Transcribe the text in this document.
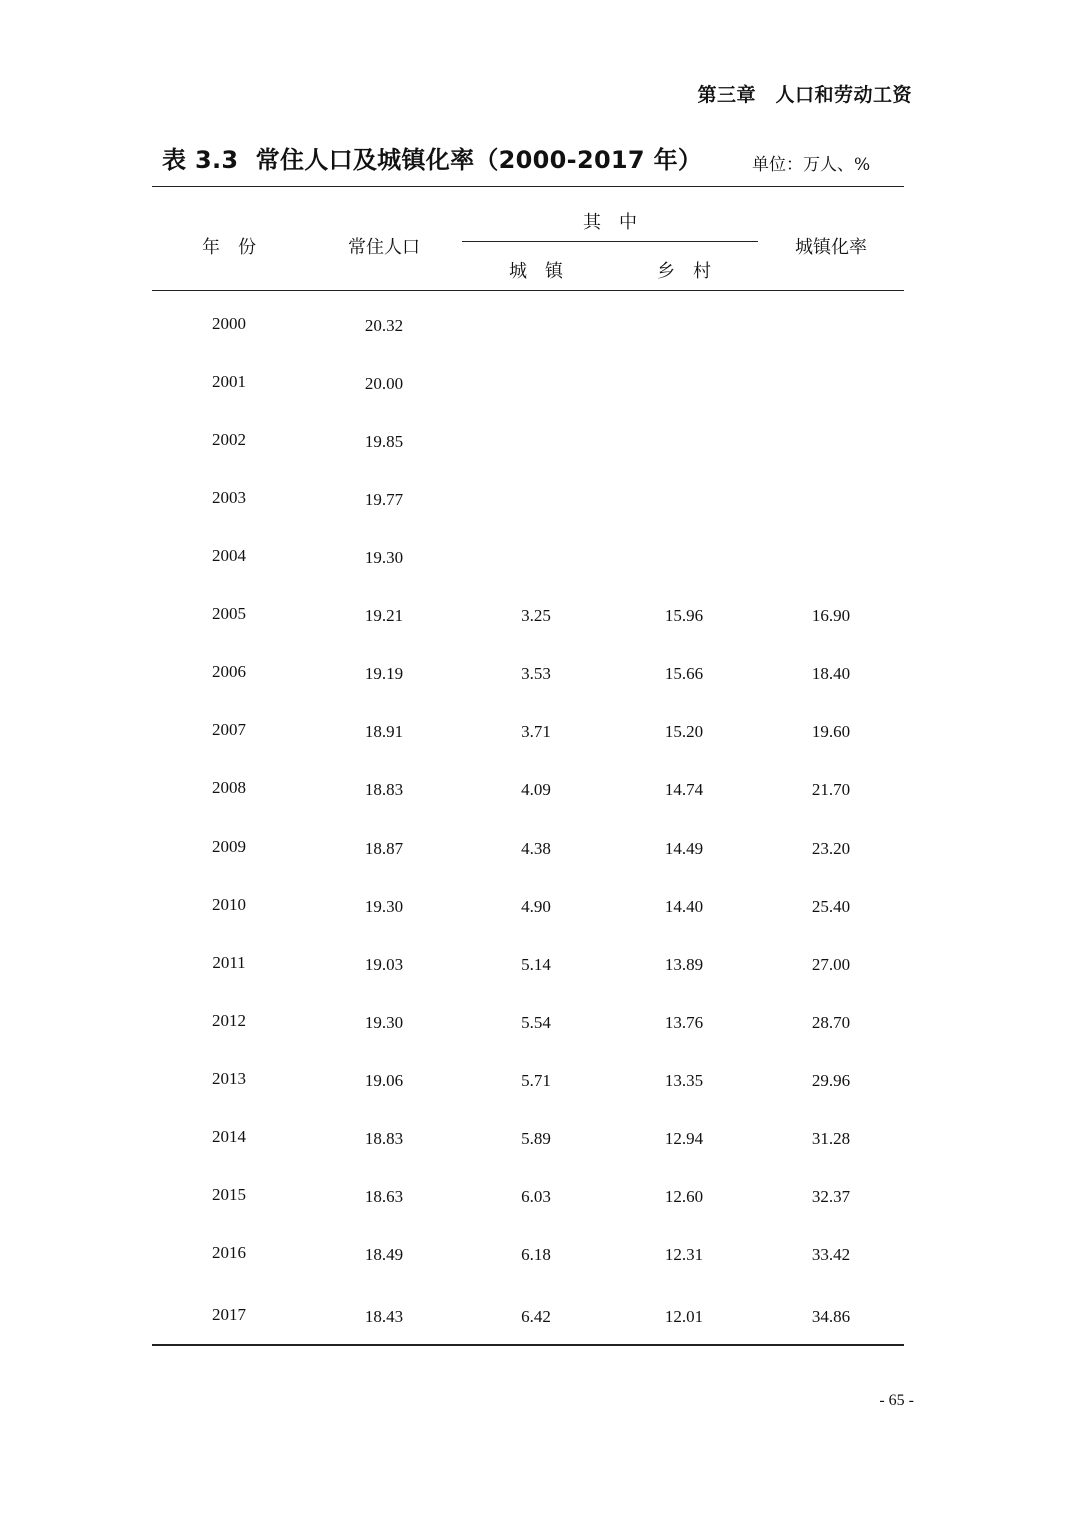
第三章　人口和劳动工资
表 3.3  常住人口及城镇化率（2000-2017 年）	单位：万人、%
年　份	常住人口
其　中
城　镇	乡　村
城镇化率
2000	20.32
2001	20.00
2002	19.85
2003	19.77
2004	19.30
2005	19.21	3.25	15.96	16.90
2006	19.19	3.53	15.66	18.40
2007	18.91	3.71	15.20	19.60
2008	18.83	4.09	14.74	21.70
2009	18.87	4.38	14.49	23.20
2010	19.30	4.90	14.40	25.40
2011	19.03	5.14	13.89	27.00
2012	19.30	5.54	13.76	28.70
2013	19.06	5.71	13.35	29.96
2014	18.83	5.89	12.94	31.28
2015	18.63	6.03	12.60	32.37
2016	18.49	6.18	12.31	33.42
2017	18.43	6.42	12.01	34.86
- 65 -
